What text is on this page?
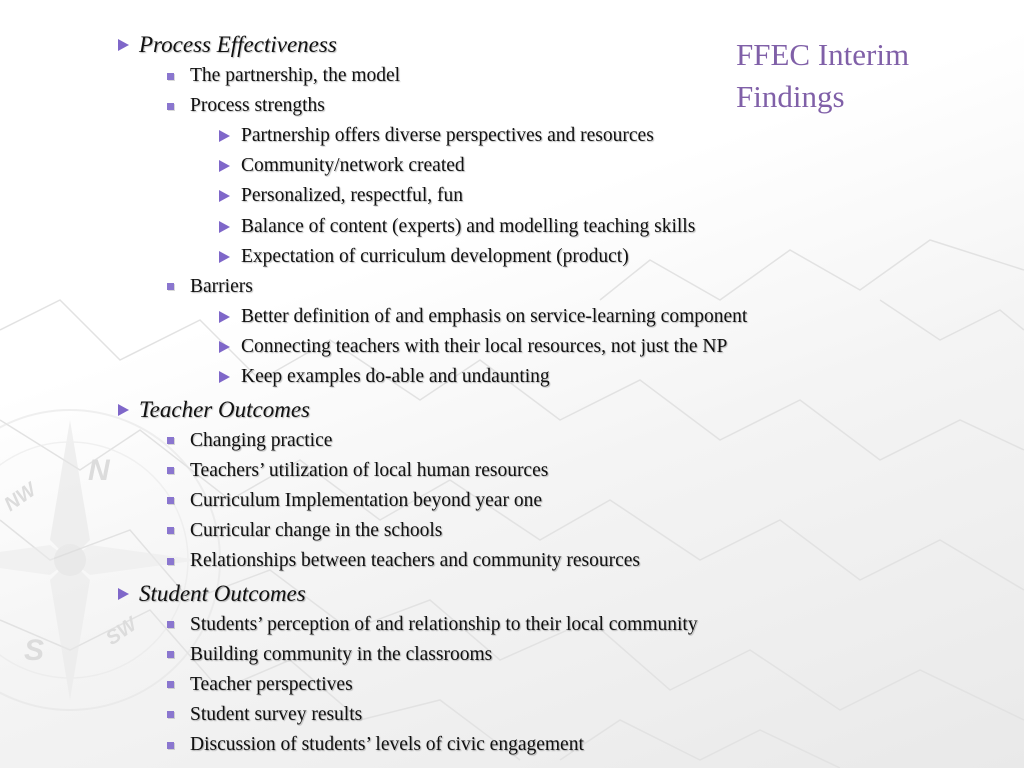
N
NW
S
SW
FFEC Interim Findings
Process Effectiveness
The partnership, the model
Process strengths
Partnership offers diverse perspectives and resources
Community/network created
Personalized, respectful, fun
Balance of content (experts) and modelling teaching skills
Expectation of curriculum development (product)
Barriers
Better definition of and emphasis on service-learning component
Connecting teachers with their local resources, not just the NP
Keep examples do-able and undaunting
Teacher Outcomes
Changing practice
Teachers’ utilization of local human resources
Curriculum Implementation beyond year one
Curricular change in the schools
Relationships between teachers and community resources
Student Outcomes
Students’ perception of and relationship to their local community
Building community in the classrooms
Teacher perspectives
Student survey results
Discussion of students’ levels of civic engagement
